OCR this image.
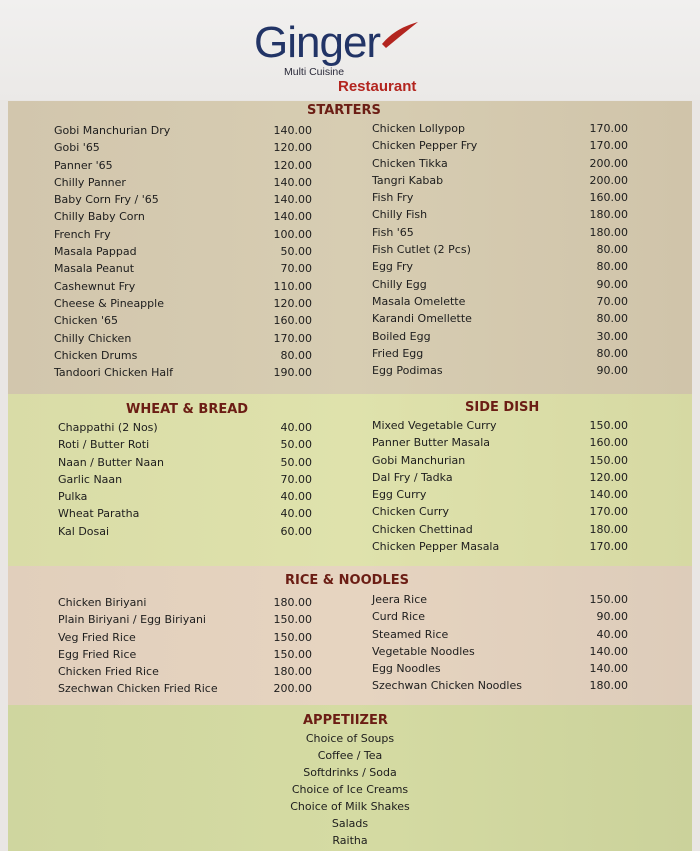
Ginger
Multi Cuisine
Restaurant
STARTERS
Gobi Manchurian Dry	140.00
Gobi '65	120.00
Panner '65	120.00
Chilly Panner	140.00
Baby Corn Fry / '65	140.00
Chilly Baby Corn	140.00
French Fry	100.00
Masala Pappad	50.00
Masala Peanut	70.00
Cashewnut Fry	110.00
Cheese & Pineapple	120.00
Chicken '65	160.00
Chilly Chicken	170.00
Chicken Drums	80.00
Tandoori Chicken Half	190.00
Chicken Lollypop	170.00
Chicken Pepper Fry	170.00
Chicken Tikka	200.00
Tangri Kabab	200.00
Fish Fry	160.00
Chilly Fish	180.00
Fish '65	180.00
Fish Cutlet (2 Pcs)	80.00
Egg Fry	80.00
Chilly Egg	90.00
Masala Omelette	70.00
Karandi Omellette	80.00
Boiled Egg	30.00
Fried Egg	80.00
Egg Podimas	90.00
WHEAT & BREAD
Chappathi (2 Nos)	40.00
Roti / Butter Roti	50.00
Naan / Butter Naan	50.00
Garlic Naan	70.00
Pulka	40.00
Wheat Paratha	40.00
Kal Dosai	60.00
SIDE DISH
Mixed Vegetable Curry	150.00
Panner Butter Masala	160.00
Gobi Manchurian	150.00
Dal Fry / Tadka	120.00
Egg Curry	140.00
Chicken Curry	170.00
Chicken Chettinad	180.00
Chicken Pepper Masala	170.00
RICE & NOODLES
Chicken Biriyani	180.00
Plain Biriyani / Egg Biriyani	150.00
Veg Fried Rice	150.00
Egg Fried Rice	150.00
Chicken Fried Rice	180.00
Szechwan Chicken Fried Rice	200.00
Jeera Rice	150.00
Curd Rice	90.00
Steamed Rice	40.00
Vegetable Noodles	140.00
Egg Noodles	140.00
Szechwan Chicken Noodles	180.00
APPETIIZER
Choice of Soups
Coffee / Tea
Softdrinks / Soda
Choice of Ice Creams
Choice of Milk Shakes
Salads
Raitha
